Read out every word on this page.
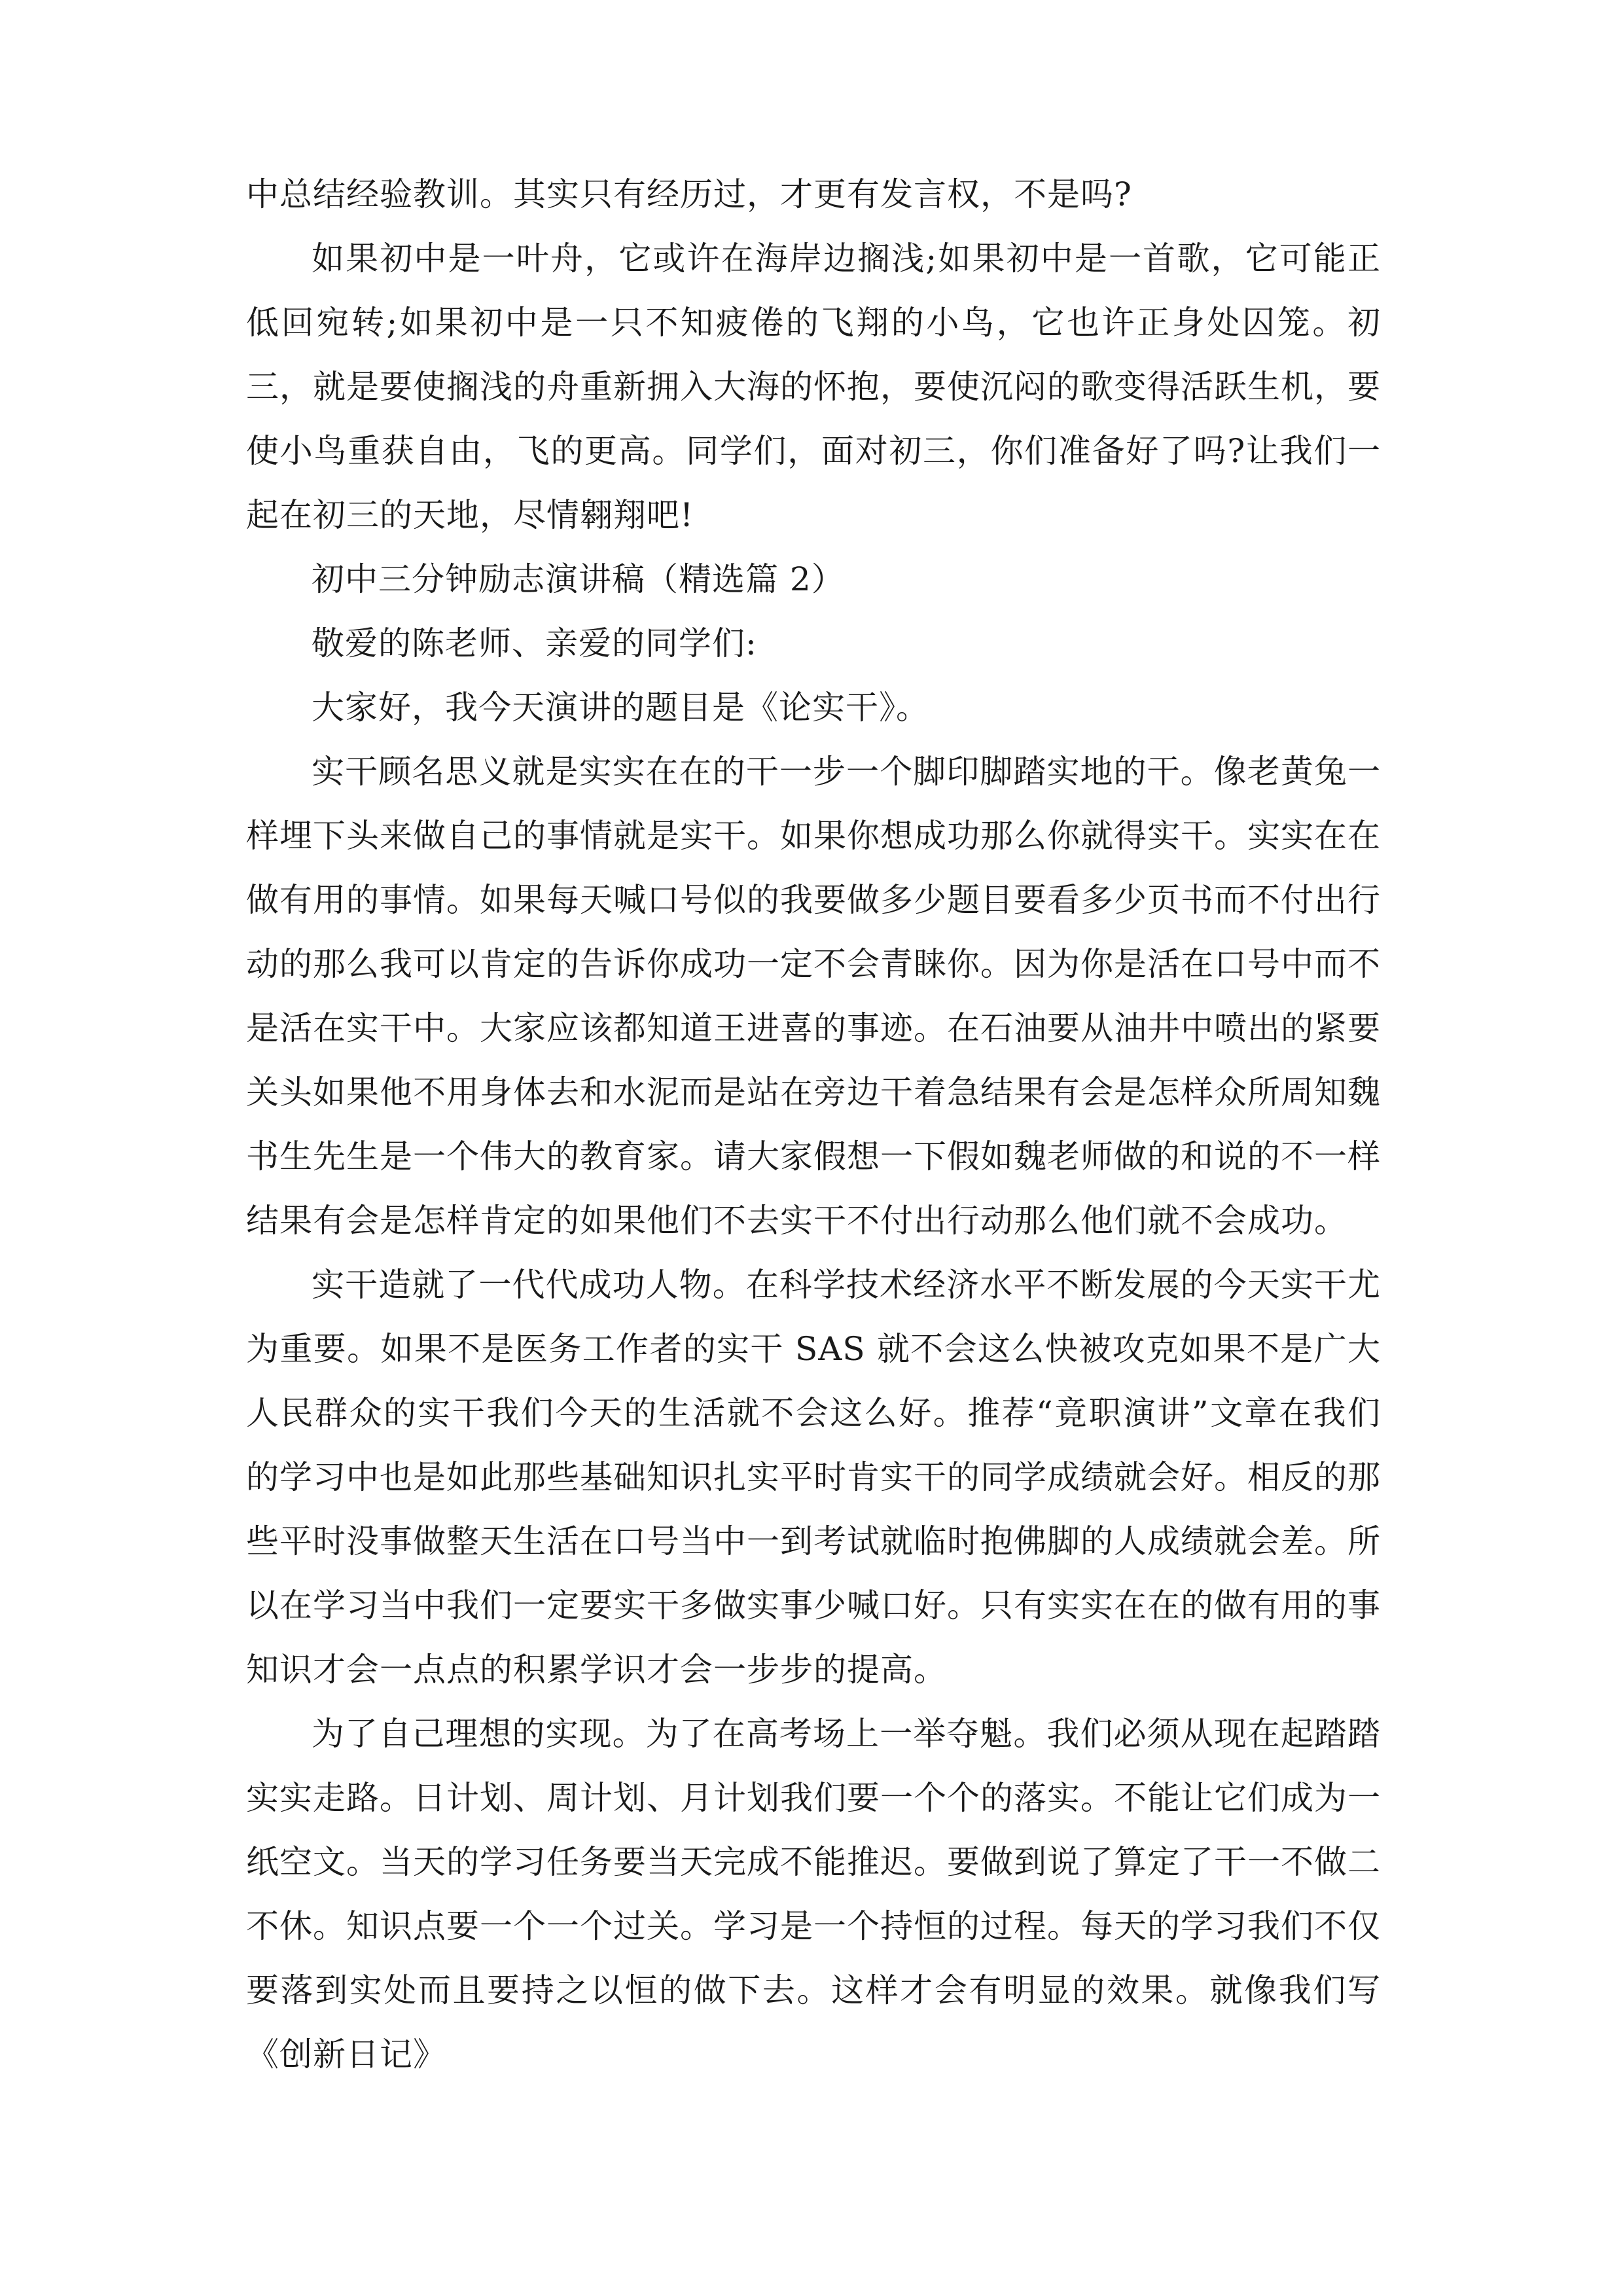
中总结经验教训。其实只有经历过，才更有发言权，不是吗?

如果初中是一叶舟，它或许在海岸边搁浅;如果初中是一首歌，它可能正低回宛转;如果初中是一只不知疲倦的飞翔的小鸟，它也许正身处囚笼。初三，就是要使搁浅的舟重新拥入大海的怀抱，要使沉闷的歌变得活跃生机，要使小鸟重获自由，飞的更高。同学们，面对初三，你们准备好了吗?让我们一起在初三的天地，尽情翱翔吧!

初中三分钟励志演讲稿（精选篇 2）

敬爱的陈老师、亲爱的同学们:

大家好，我今天演讲的题目是《论实干》。

实干顾名思义就是实实在在的干一步一个脚印脚踏实地的干。像老黄兔一样埋下头来做自己的事情就是实干。如果你想成功那么你就得实干。实实在在做有用的事情。如果每天喊口号似的我要做多少题目要看多少页书而不付出行动的那么我可以肯定的告诉你成功一定不会青睐你。因为你是活在口号中而不是活在实干中。大家应该都知道王进喜的事迹。在石油要从油井中喷出的紧要关头如果他不用身体去和水泥而是站在旁边干着急结果有会是怎样众所周知魏书生先生是一个伟大的教育家。请大家假想一下假如魏老师做的和说的不一样结果有会是怎样肯定的如果他们不去实干不付出行动那么他们就不会成功。

实干造就了一代代成功人物。在科学技术经济水平不断发展的今天实干尤为重要。如果不是医务工作者的实干 SAS 就不会这么快被攻克如果不是广大人民群众的实干我们今天的生活就不会这么好。推荐“竟职演讲”文章在我们的学习中也是如此那些基础知识扎实平时肯实干的同学成绩就会好。相反的那些平时没事做整天生活在口号当中一到考试就临时抱佛脚的人成绩就会差。所以在学习当中我们一定要实干多做实事少喊口好。只有实实在在的做有用的事知识才会一点点的积累学识才会一步步的提高。

为了自己理想的实现。为了在高考场上一举夺魁。我们必须从现在起踏踏实实走路。日计划、周计划、月计划我们要一个个的落实。不能让它们成为一纸空文。当天的学习任务要当天完成不能推迟。要做到说了算定了干一不做二不休。知识点要一个一个过关。学习是一个持恒的过程。每天的学习我们不仅要落到实处而且要持之以恒的做下去。这样才会有明显的效果。就像我们写《创新日记》
